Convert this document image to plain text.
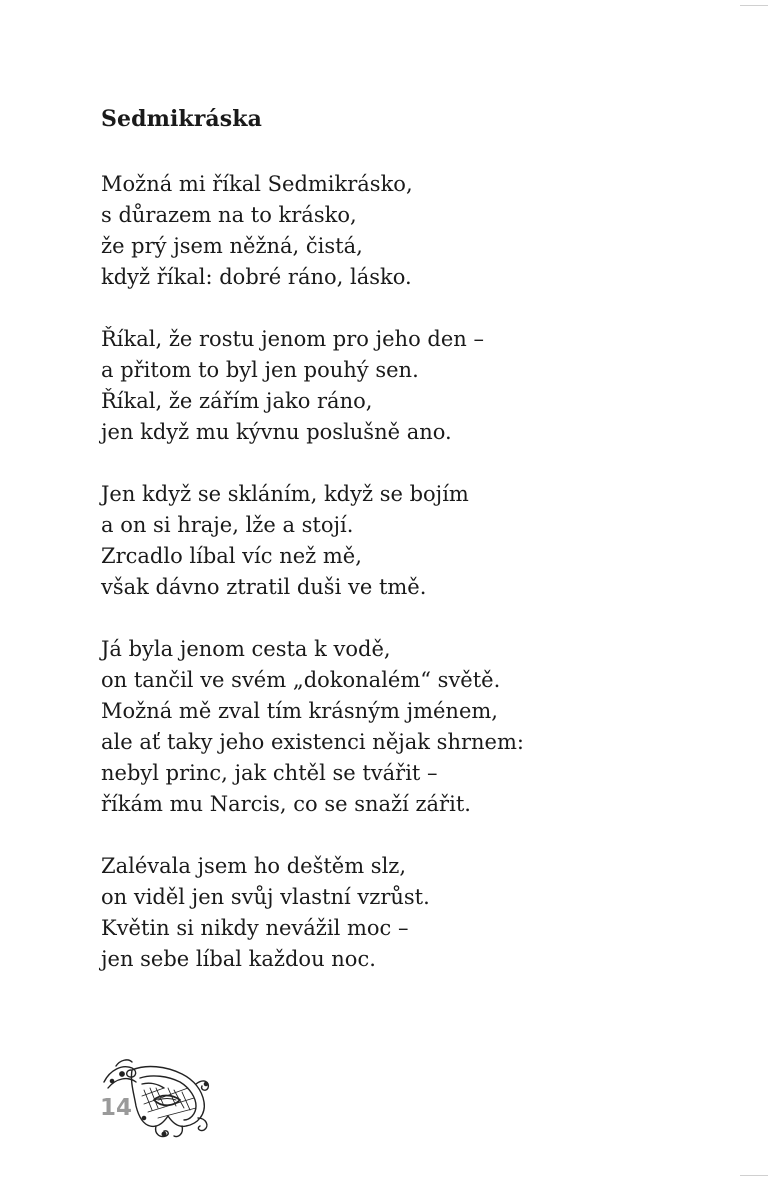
Sedmikráska
Možná mi říkal Sedmikrásko,
s důrazem na to krásko,
že prý jsem něžná, čistá,
když říkal: dobré ráno, lásko.
Říkal, že rostu jenom pro jeho den –
a přitom to byl jen pouhý sen.
Říkal, že zářím jako ráno,
jen když mu kývnu poslušně ano.
Jen když se skláním, když se bojím
a on si hraje, lže a stojí.
Zrcadlo líbal víc než mě,
však dávno ztratil duši ve tmě.
Já byla jenom cesta k vodě,
on tančil ve svém „dokonalém“ světě.
Možná mě zval tím krásným jménem,
ale ať taky jeho existenci nějak shrnem:
nebyl princ, jak chtěl se tvářit –
říkám mu Narcis, co se snaží zářit.
Zalévala jsem ho deštěm slz,
on viděl jen svůj vlastní vzrůst.
Květin si nikdy nevážil moc –
jen sebe líbal každou noc.
14
